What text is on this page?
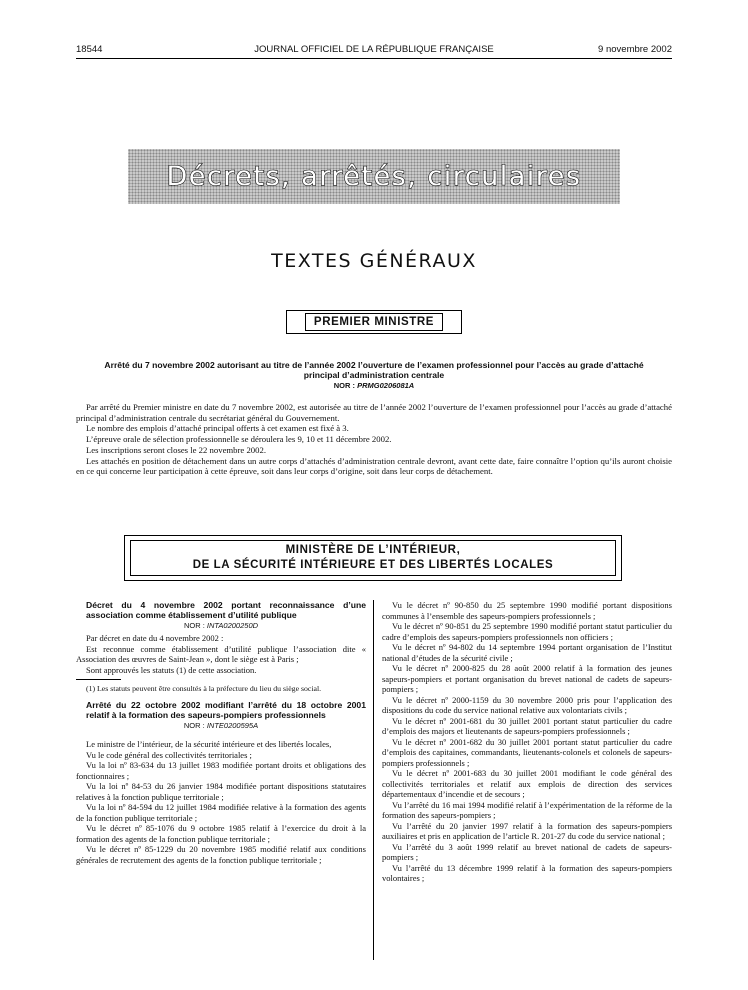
18544	JOURNAL OFFICIEL DE LA RÉPUBLIQUE FRANÇAISE	9 novembre 2002
Décrets, arrêtés, circulaires
TEXTES GÉNÉRAUX
PREMIER MINISTRE
Arrêté du 7 novembre 2002 autorisant au titre de l’année 2002 l’ouverture de l’examen professionnel pour l’accès au grade d’attaché principal d’administration centrale
NOR : PRMG0206081A

Par arrêté du Premier ministre en date du 7 novembre 2002, est autorisée au titre de l’année 2002 l’ouverture de l’examen professionnel pour l’accès au grade d’attaché principal d’administration centrale du secrétariat général du Gouvernement.

Le nombre des emplois d’attaché principal offerts à cet examen est fixé à 3.

L’épreuve orale de sélection professionnelle se déroulera les 9, 10 et 11 décembre 2002.

Les inscriptions seront closes le 22 novembre 2002.

Les attachés en position de détachement dans un autre corps d’attachés d’administration centrale devront, avant cette date, faire connaître l’option qu’ils auront choisie en ce qui concerne leur participation à cette épreuve, soit dans leur corps d’origine, soit dans leur corps de détachement.

MINISTÈRE DE L’INTÉRIEUR,
DE LA SÉCURITÉ INTÉRIEURE ET DES LIBERTÉS LOCALES

Décret du 4 novembre 2002 portant reconnaissance d’une association comme établissement d’utilité publique

NOR : INTA0200250D

Par décret en date du 4 novembre 2002 :

Est reconnue comme établissement d’utilité publique l’association dite « Association des œuvres de Saint-Jean », dont le siège est à Paris ;

Sont approuvés les statuts (1) de cette association.

(1) Les statuts peuvent être consultés à la préfecture du lieu du siège social.

Arrêté du 22 octobre 2002 modifiant l’arrêté du 18 octobre 2001 relatif à la formation des sapeurs-pompiers professionnels

NOR : INTE0200595A

Le ministre de l’intérieur, de la sécurité intérieure et des libertés locales,

Vu le code général des collectivités territoriales ;

Vu la loi nº 83-634 du 13 juillet 1983 modifiée portant droits et obligations des fonctionnaires ;

Vu la loi nº 84-53 du 26 janvier 1984 modifiée portant dispositions statutaires relatives à la fonction publique territoriale ;

Vu la loi nº 84-594 du 12 juillet 1984 modifiée relative à la formation des agents de la fonction publique territoriale ;

Vu le décret nº 85-1076 du 9 octobre 1985 relatif à l’exercice du droit à la formation des agents de la fonction publique territoriale ;

Vu le décret nº 85-1229 du 20 novembre 1985 modifié relatif aux conditions générales de recrutement des agents de la fonction publique territoriale ;

Vu le décret nº 90-850 du 25 septembre 1990 modifié portant dispositions communes à l’ensemble des sapeurs-pompiers professionnels ;

Vu le décret nº 90-851 du 25 septembre 1990 modifié portant statut particulier du cadre d’emplois des sapeurs-pompiers professionnels non officiers ;

Vu le décret nº 94-802 du 14 septembre 1994 portant organisation de l’Institut national d’études de la sécurité civile ;

Vu le décret nº 2000-825 du 28 août 2000 relatif à la formation des jeunes sapeurs-pompiers et portant organisation du brevet national de cadets de sapeurs-pompiers ;

Vu le décret nº 2000-1159 du 30 novembre 2000 pris pour l’application des dispositions du code du service national relative aux volontariats civils ;

Vu le décret nº 2001-681 du 30 juillet 2001 portant statut particulier du cadre d’emplois des majors et lieutenants de sapeurs-pompiers professionnels ;

Vu le décret nº 2001-682 du 30 juillet 2001 portant statut particulier du cadre d’emplois des capitaines, commandants, lieutenants-colonels et colonels de sapeurs-pompiers professionnels ;

Vu le décret nº 2001-683 du 30 juillet 2001 modifiant le code général des collectivités territoriales et relatif aux emplois de direction des services départementaux d’incendie et de secours ;

Vu l’arrêté du 16 mai 1994 modifié relatif à l’expérimentation de la réforme de la formation des sapeurs-pompiers ;

Vu l’arrêté du 20 janvier 1997 relatif à la formation des sapeurs-pompiers auxiliaires et pris en application de l’article R. 201-27 du code du service national ;

Vu l’arrêté du 3 août 1999 relatif au brevet national de cadets de sapeurs-pompiers ;

Vu l’arrêté du 13 décembre 1999 relatif à la formation des sapeurs-pompiers volontaires ;
